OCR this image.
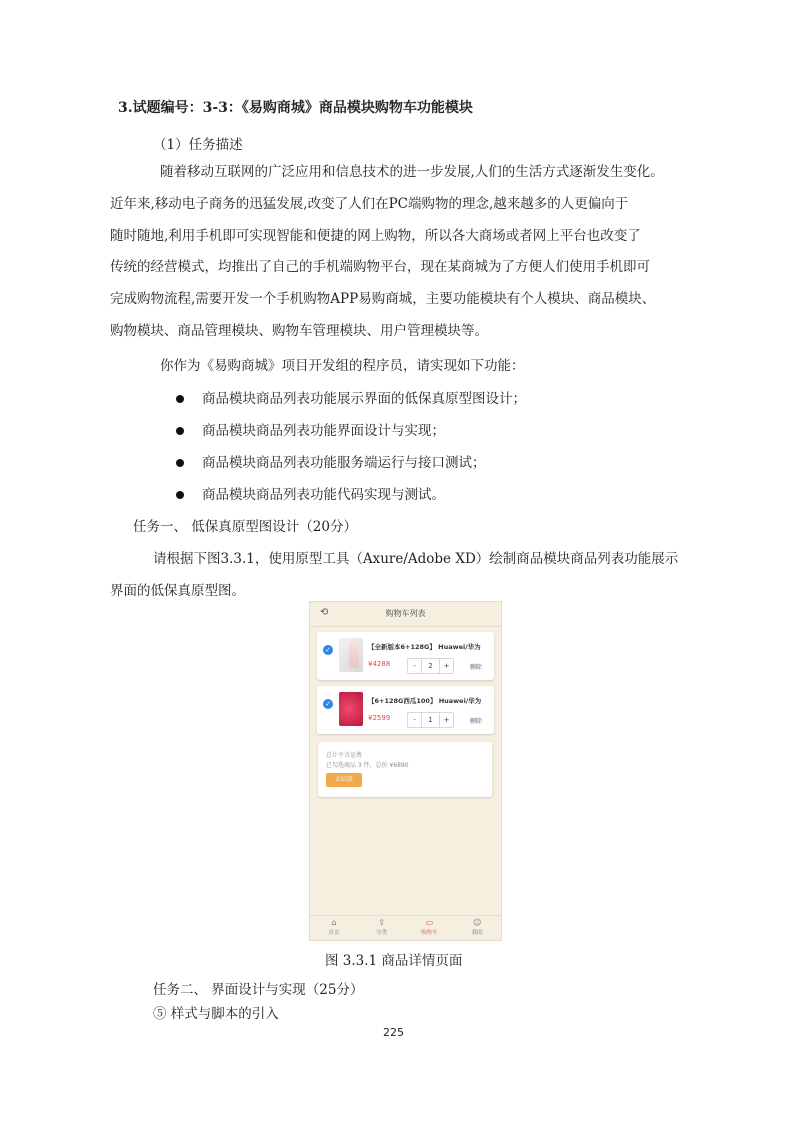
3.试题编号：3-3：《易购商城》商品模块购物车功能模块
（1）任务描述
随着移动互联网的广泛应用和信息技术的进一步发展,人们的生活方式逐渐发生变化。
近年来,移动电子商务的迅猛发展,改变了人们在PC端购物的理念,越来越多的人更偏向于
随时随地,利用手机即可实现智能和便捷的网上购物，所以各大商场或者网上平台也改变了
传统的经营模式，均推出了自己的手机端购物平台，现在某商城为了方便人们使用手机即可
完成购物流程,需要开发一个手机购物APP易购商城，主要功能模块有个人模块、商品模块、
购物模块、商品管理模块、购物车管理模块、用户管理模块等。
你作为《易购商城》项目开发组的程序员，请实现如下功能：
商品模块商品列表功能展示界面的低保真原型图设计；
商品模块商品列表功能界面设计与实现；
商品模块商品列表功能服务端运行与接口测试；
商品模块商品列表功能代码实现与测试。
任务一、 低保真原型图设计（20分）
请根据下图3.3.1，使用原型工具（Axure/Adobe XD）绘制商品模块商品列表功能展示
界面的低保真原型图。
⟲	购物车列表
✓	【全新版本6+128G】 Huawei/华为
¥4288	-	2	+	删除
✓	【6+128G西瓜100】 Huawei/华为
¥2599	-	1	+	删除
总计不含运费
已勾选商品 3 件，总价 ¥6890
去结算
⌂
首页
⇪
分类
▭
购物车
☺
我的
图 3.3.1 商品详情页面
任务二、 界面设计与实现（25分）
⑤ 样式与脚本的引入
225
